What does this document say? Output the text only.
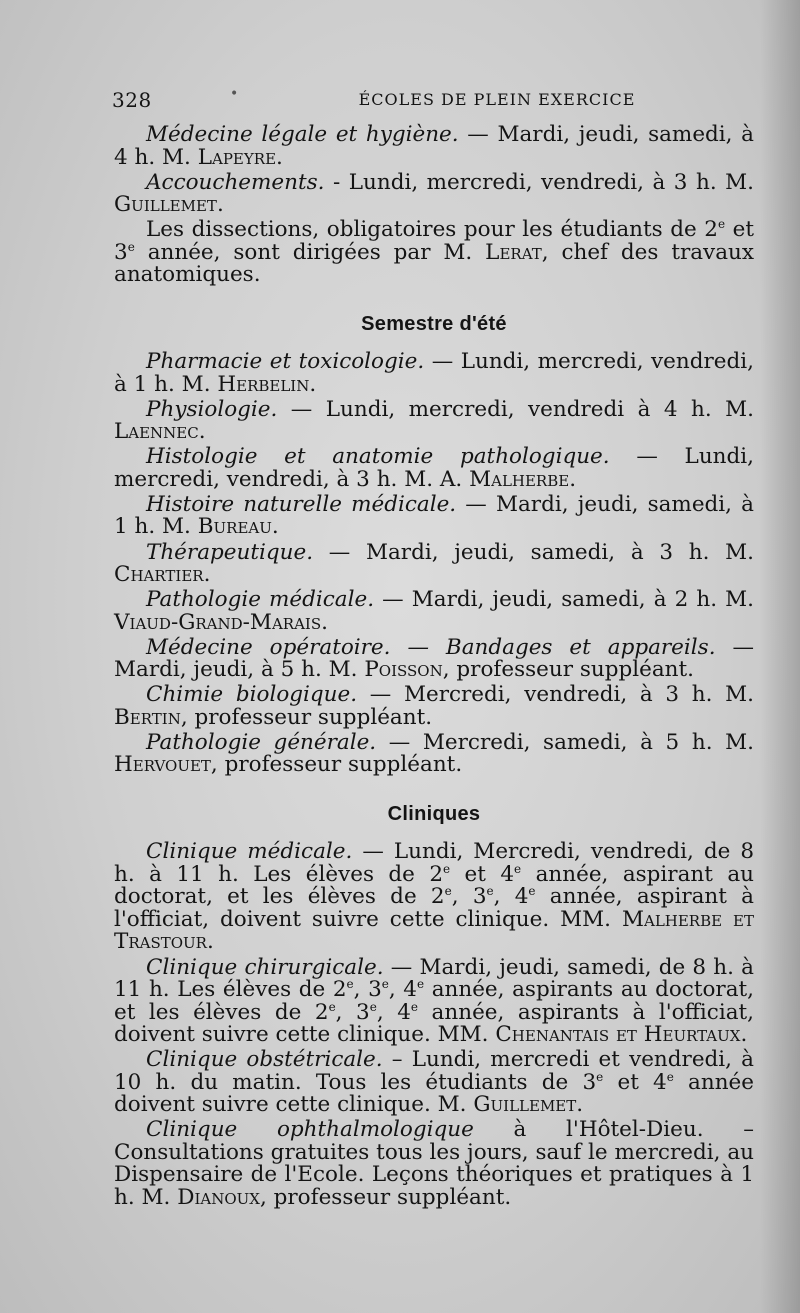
328	•	ÉCOLES DE PLEIN EXERCICE

Médecine légale et hygiène. — Mardi, jeudi, samedi, à 4 h. M. Lapeyre.

Accouchements. - Lundi, mercredi, vendredi, à 3 h. M. Guillemet.

Les dissections, obligatoires pour les étudiants de 2e et 3e année, sont dirigées par M. Lerat, chef des travaux anatomiques.

Semestre d'été

Pharmacie et toxicologie. — Lundi, mercredi, vendredi, à 1 h. M. Herbelin.

Physiologie. — Lundi, mercredi, vendredi à 4 h. M. Laennec.

Histologie et anatomie pathologique. — Lundi, mercredi, vendredi, à 3 h. M. A. Malherbe.

Histoire naturelle médicale. — Mardi, jeudi, samedi, à 1 h. M. Bureau.

Thérapeutique. — Mardi, jeudi, samedi, à 3 h. M. Chartier.

Pathologie médicale. — Mardi, jeudi, samedi, à 2 h. M. Viaud-Grand-Marais.

Médecine opératoire. — Bandages et appareils. — Mardi, jeudi, à 5 h. M. Poisson, professeur suppléant.

Chimie biologique. — Mercredi, vendredi, à 3 h. M. Bertin, professeur suppléant.

Pathologie générale. — Mercredi, samedi, à 5 h. M. Hervouet, professeur suppléant.

Cliniques

Clinique médicale. — Lundi, Mercredi, vendredi, de 8 h. à 11 h. Les élèves de 2e et 4e année, aspirant au doctorat, et les élèves de 2e, 3e, 4e année, aspirant à l'officiat, doivent suivre cette clinique. MM. Malherbe et Trastour.

Clinique chirurgicale. — Mardi, jeudi, samedi, de 8 h. à 11 h. Les élèves de 2e, 3e, 4e année, aspirants au doctorat, et les élèves de 2e, 3e, 4e année, aspirants à l'officiat, doivent suivre cette clinique. MM. Chenantais et Heurtaux.

Clinique obstétricale. – Lundi, mercredi et vendredi, à 10 h. du matin. Tous les étudiants de 3e et 4e année doivent suivre cette clinique. M. Guillemet.

Clinique ophthalmologique à l'Hôtel-Dieu. – Consultations gratuites tous les jours, sauf le mercredi, au Dispensaire de l'Ecole. Leçons théoriques et pratiques à 1 h. M. Dianoux, professeur suppléant.
